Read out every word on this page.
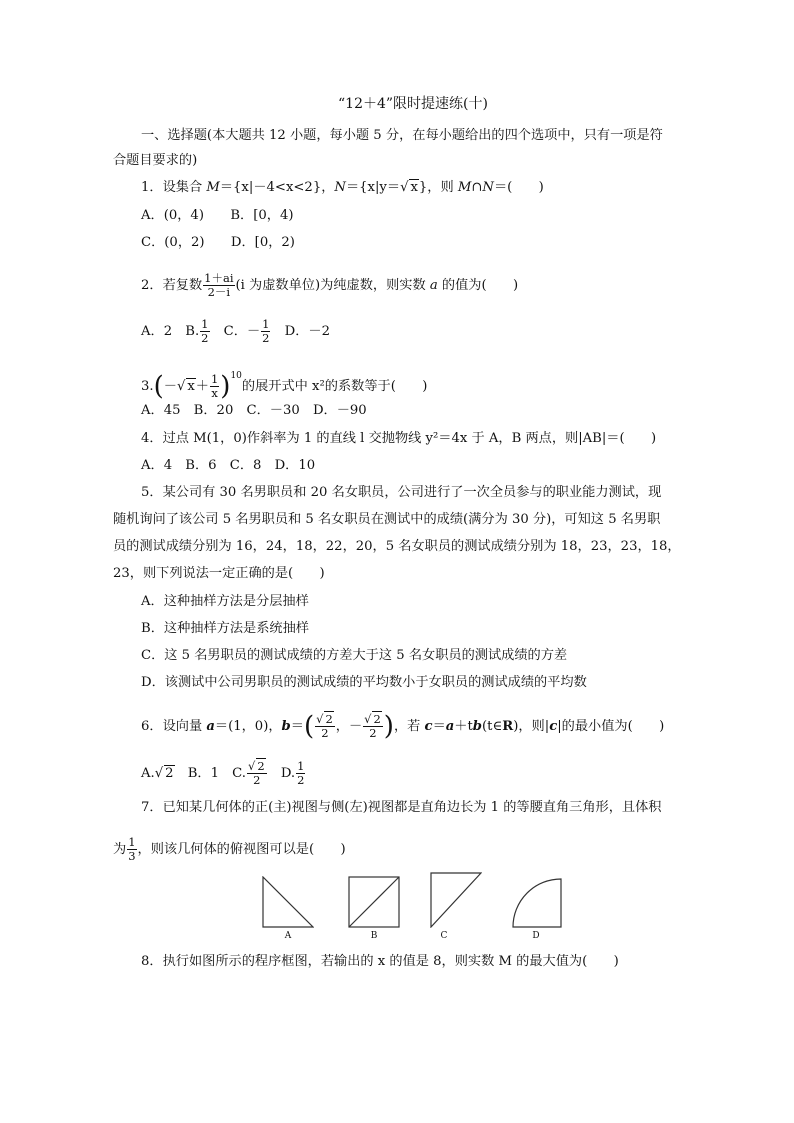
“12＋4”限时提速练(十)
一、选择题(本大题共 12 小题，每小题 5 分，在每小题给出的四个选项中，只有一项是符
合题目要求的)
1．设集合 M＝{x|－4<x<2}，N＝{x|y＝√ x}，则 M∩N＝(　　)
A．(0，4)　　B．[0，4)
C．(0，2)　　D．[0，2)
2．若复数 $\frac{1+ai}{2-i} (i$ 为虚数单位)为纯虚数，则实数 a 的值为(　　)
A．2　B. $\frac{1}{2}$ 　C．－ $\frac{1}{2}$ 　D．－2
3.(－√ $x+ \frac{1}{x} )^{10}$的展开式中 x²的系数等于(　　)
A．45　B．20　C．－30　D．－90
4．过点 M(1，0)作斜率为 1 的直线 l 交抛物线 y²＝4x 于 A，B 两点，则|AB|＝(　　)
A．4　B．6　C．8　D．10
5．某公司有 30 名男职员和 20 名女职员，公司进行了一次全员参与的职业能力测试，现
随机询问了该公司 5 名男职员和 5 名女职员在测试中的成绩(满分为 30 分)，可知这 5 名男职
员的测试成绩分别为 16，24，18，22，20，5 名女职员的测试成绩分别为 18，23，23，18，
23，则下列说法一定正确的是(　　)
A．这种抽样方法是分层抽样
B．这种抽样方法是系统抽样
C．这 5 名男职员的测试成绩的方差大于这 5 名女职员的测试成绩的方差
D．该测试中公司男职员的测试成绩的平均数小于女职员的测试成绩的平均数
6．设向量 a＝(1，0)，$b=( \frac{√ 2}{2}$ ，－ $\frac{√ 2}{2}$ )，若 c＝a＋tb(t∈R)，则|c|的最小值为(　　)
A.√ 2　B．1　C. $\frac{√ 2}{2}$ 　D. $\frac{1}{2}$
7．已知某几何体的正(主)视图与侧(左)视图都是直角边长为 1 的等腰直角三角形，且体积
为 $\frac{1}{3}$ ，则该几何体的俯视图可以是(　　)
A	B	C	D
8．执行如图所示的程序框图，若输出的 x 的值是 8，则实数 M 的最大值为(　　)
